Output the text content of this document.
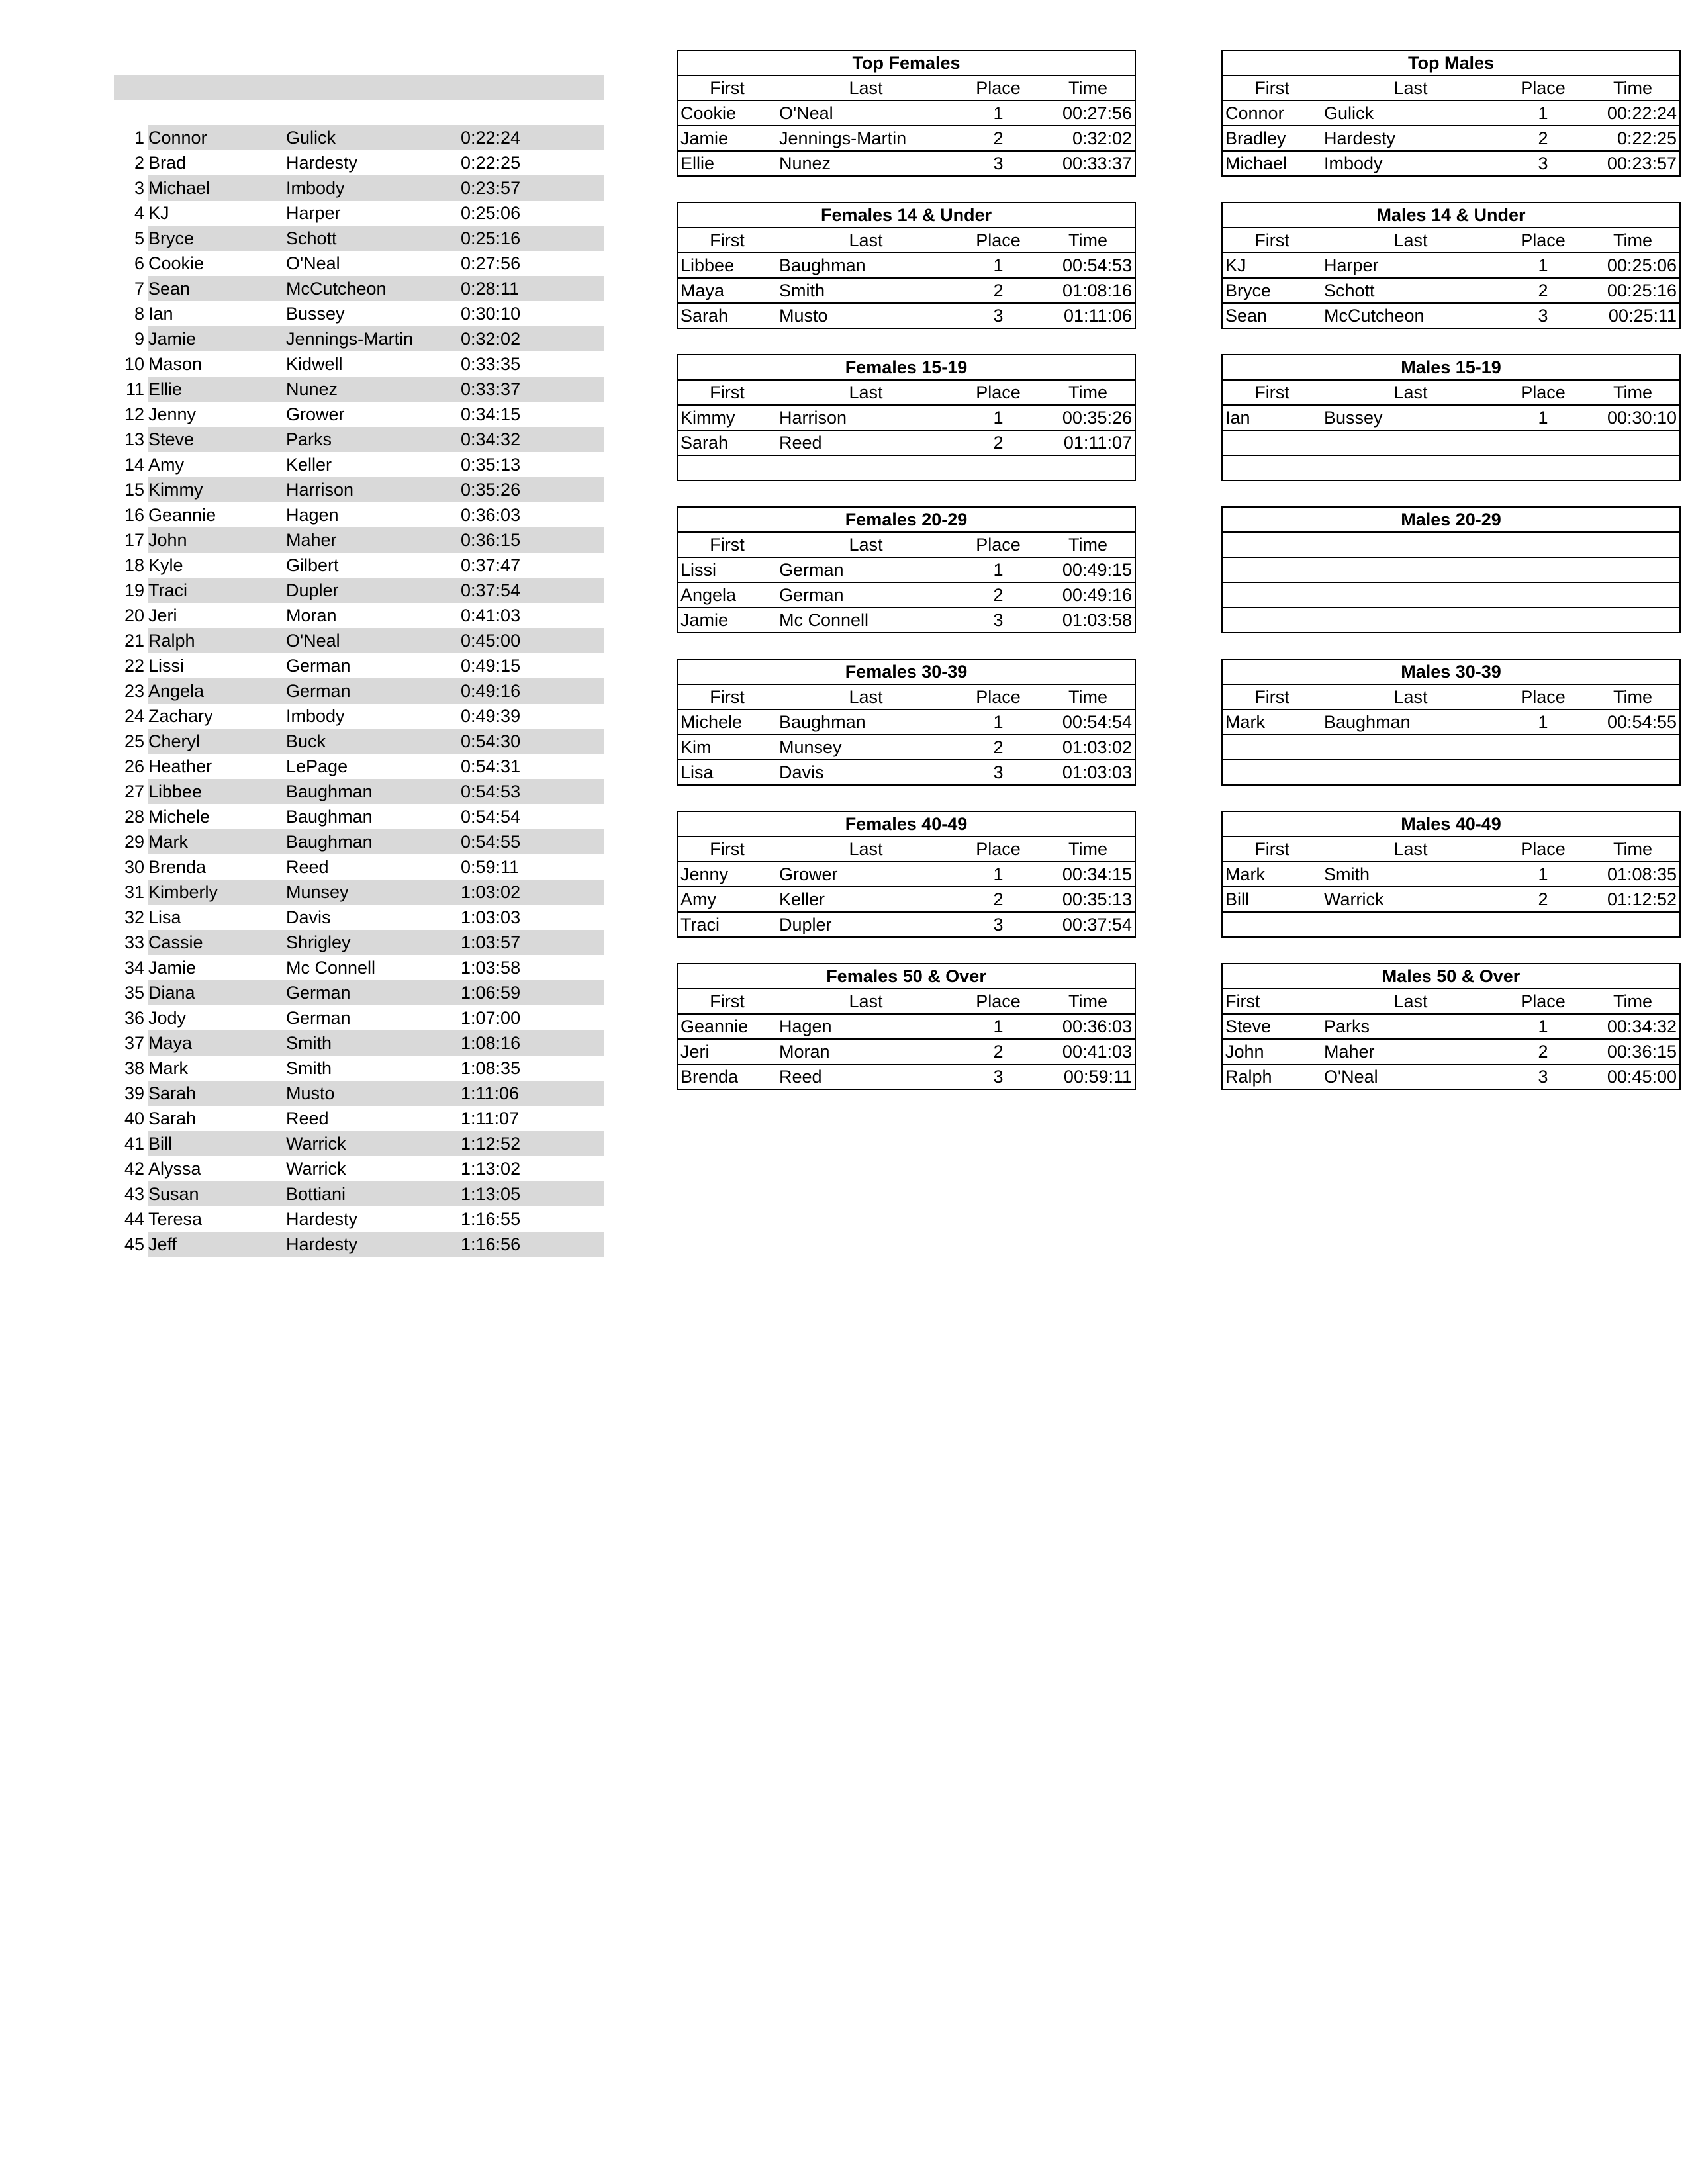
1 Connor	Gulick	0:22:24
2 Brad	Hardesty	0:22:25
3 Michael	Imbody	0:23:57
4 KJ	Harper	0:25:06
5 Bryce	Schott	0:25:16
6 Cookie	O'Neal	0:27:56
7 Sean	McCutcheon	0:28:11
8 Ian	Bussey	0:30:10
9 Jamie	Jennings-Martin	0:32:02
10 Mason	Kidwell	0:33:35
11 Ellie	Nunez	0:33:37
12 Jenny	Grower	0:34:15
13 Steve	Parks	0:34:32
14 Amy	Keller	0:35:13
15 Kimmy	Harrison	0:35:26
16 Geannie	Hagen	0:36:03
17 John	Maher	0:36:15
18 Kyle	Gilbert	0:37:47
19 Traci	Dupler	0:37:54
20 Jeri	Moran	0:41:03
21 Ralph	O'Neal	0:45:00
22 Lissi	German	0:49:15
23 Angela	German	0:49:16
24 Zachary	Imbody	0:49:39
25 Cheryl	Buck	0:54:30
26 Heather	LePage	0:54:31
27 Libbee	Baughman	0:54:53
28 Michele	Baughman	0:54:54
29 Mark	Baughman	0:54:55
30 Brenda	Reed	0:59:11
31 Kimberly	Munsey	1:03:02
32 Lisa	Davis	1:03:03
33 Cassie	Shrigley	1:03:57
34 Jamie	Mc Connell	1:03:58
35 Diana	German	1:06:59
36 Jody	German	1:07:00
37 Maya	Smith	1:08:16
38 Mark	Smith	1:08:35
39 Sarah	Musto	1:11:06
40 Sarah	Reed	1:11:07
41 Bill	Warrick	1:12:52
42 Alyssa	Warrick	1:13:02
43 Susan	Bottiani	1:13:05
44 Teresa	Hardesty	1:16:55
45 Jeff	Hardesty	1:16:56
Top Females			
First	Last	Place	Time
Cookie	O'Neal	1	00:27:56
Jamie	Jennings-Martin	2	0:32:02
Ellie	Nunez	3	00:33:37
Top Males			
First	Last	Place	Time
Connor	Gulick	1	00:22:24
Bradley	Hardesty	2	0:22:25
Michael	Imbody	3	00:23:57
Females 14 & Under			
First	Last	Place	Time
Libbee	Baughman	1	00:54:53
Maya	Smith	2	01:08:16
Sarah	Musto	3	01:11:06
Males 14 & Under			
First	Last	Place	Time
KJ	Harper	1	00:25:06
Bryce	Schott	2	00:25:16
Sean	McCutcheon	3	00:25:11
Females 15-19			
First	Last	Place	Time
Kimmy	Harrison	1	00:35:26
Sarah	Reed	2	01:11:07

Males 15-19			
First	Last	Place	Time
Ian	Bussey	1	00:30:10

Females 20-29			
First	Last	Place	Time
Lissi	German	1	00:49:15
Angela	German	2	00:49:16
Jamie	Mc Connell	3	01:03:58
Males 20-29			

Females 30-39			
First	Last	Place	Time
Michele	Baughman	1	00:54:54
Kim	Munsey	2	01:03:02
Lisa	Davis	3	01:03:03
Males 30-39			
First	Last	Place	Time
Mark	Baughman	1	00:54:55

Females 40-49			
First	Last	Place	Time
Jenny	Grower	1	00:34:15
Amy	Keller	2	00:35:13
Traci	Dupler	3	00:37:54
Males 40-49			
First	Last	Place	Time
Mark	Smith	1	01:08:35
Bill	Warrick	2	01:12:52

Females 50 & Over			
First	Last	Place	Time
Geannie	Hagen	1	00:36:03
Jeri	Moran	2	00:41:03
Brenda	Reed	3	00:59:11
Males 50 & Over			
First	Last	Place	Time
Steve	Parks	1	00:34:32
John	Maher	2	00:36:15
Ralph	O'Neal	3	00:45:00
